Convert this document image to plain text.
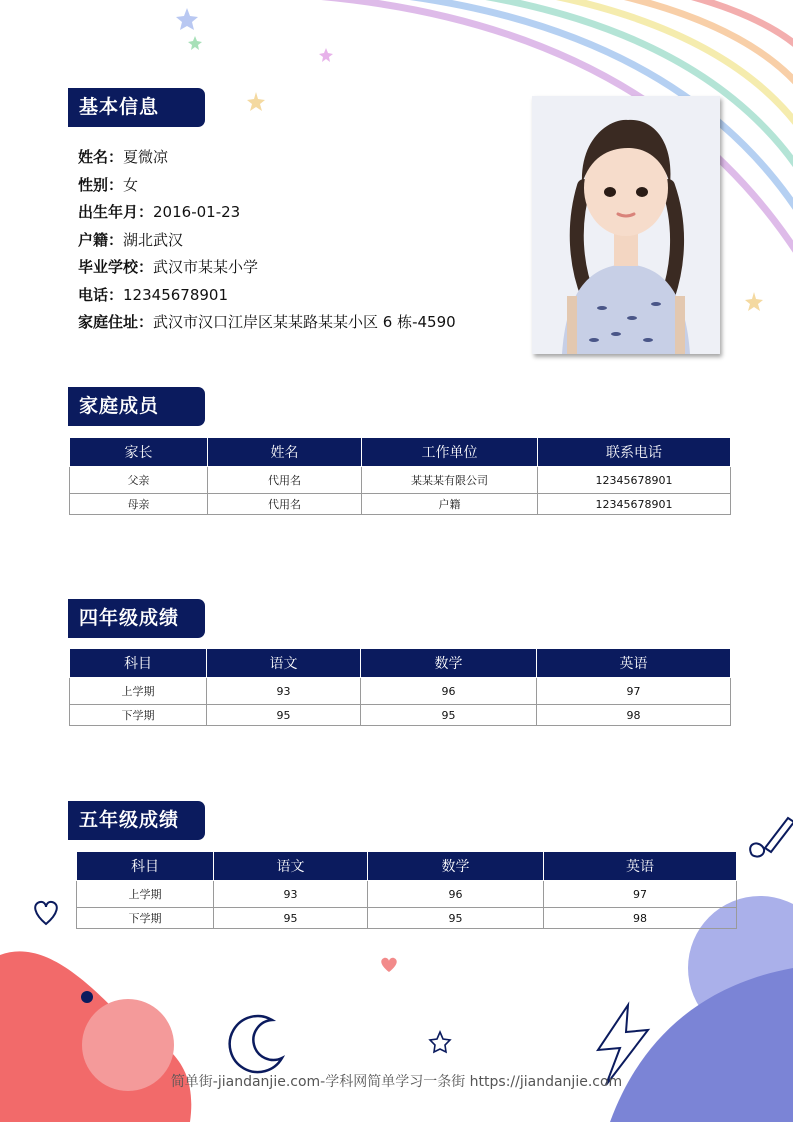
基本信息
姓名：夏微凉
性别：女
出生年月：2016-01-23
户籍：湖北武汉
毕业学校：武汉市某某小学
电话：12345678901
家庭住址：武汉市汉口江岸区某某路某某小区 6 栋-4590
家庭成员
家长	姓名	工作单位	联系电话
父亲	代用名	某某某有限公司	12345678901
母亲	代用名	户籍	12345678901
四年级成绩
科目	语文	数学	英语
上学期	93	96	97
下学期	95	95	98
五年级成绩
科目	语文	数学	英语
上学期	93	96	97
下学期	95	95	98
简单街-jiandanjie.com-学科网简单学习一条街 https://jiandanjie.com
